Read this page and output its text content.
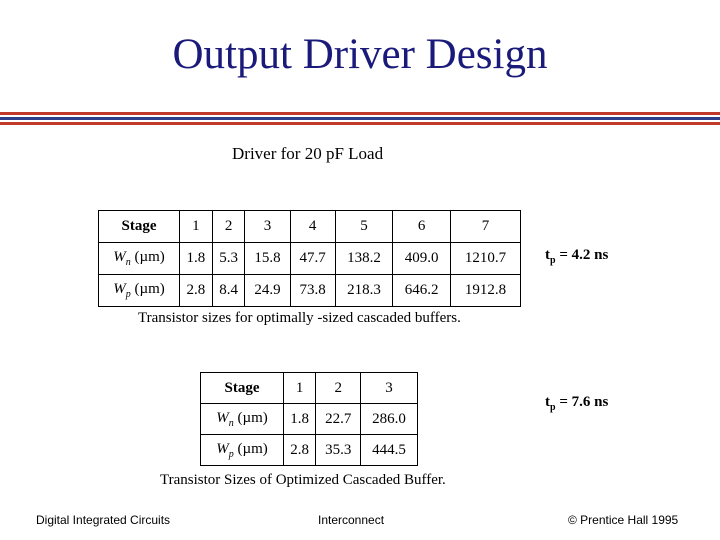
Output Driver Design
Driver for 20 pF Load
Stage	1	2	3	4	5	6	7
$W_n$ (µm)	1.8	5.3	15.8	47.7	138.2	409.0	1210.7
$W_p$ (µm)	2.8	8.4	24.9	73.8	218.3	646.2	1912.8
$t_p = 4.2$ ns
Transistor sizes for optimally -sized cascaded buffers.
Stage	1	2	3
$W_n$ (µm)	1.8	22.7	286.0
$W_p$ (µm)	2.8	35.3	444.5
$t_p = 7.6$ ns
Transistor Sizes of Optimized Cascaded Buffer.
Digital Integrated Circuits	Interconnect	© Prentice Hall 1995
